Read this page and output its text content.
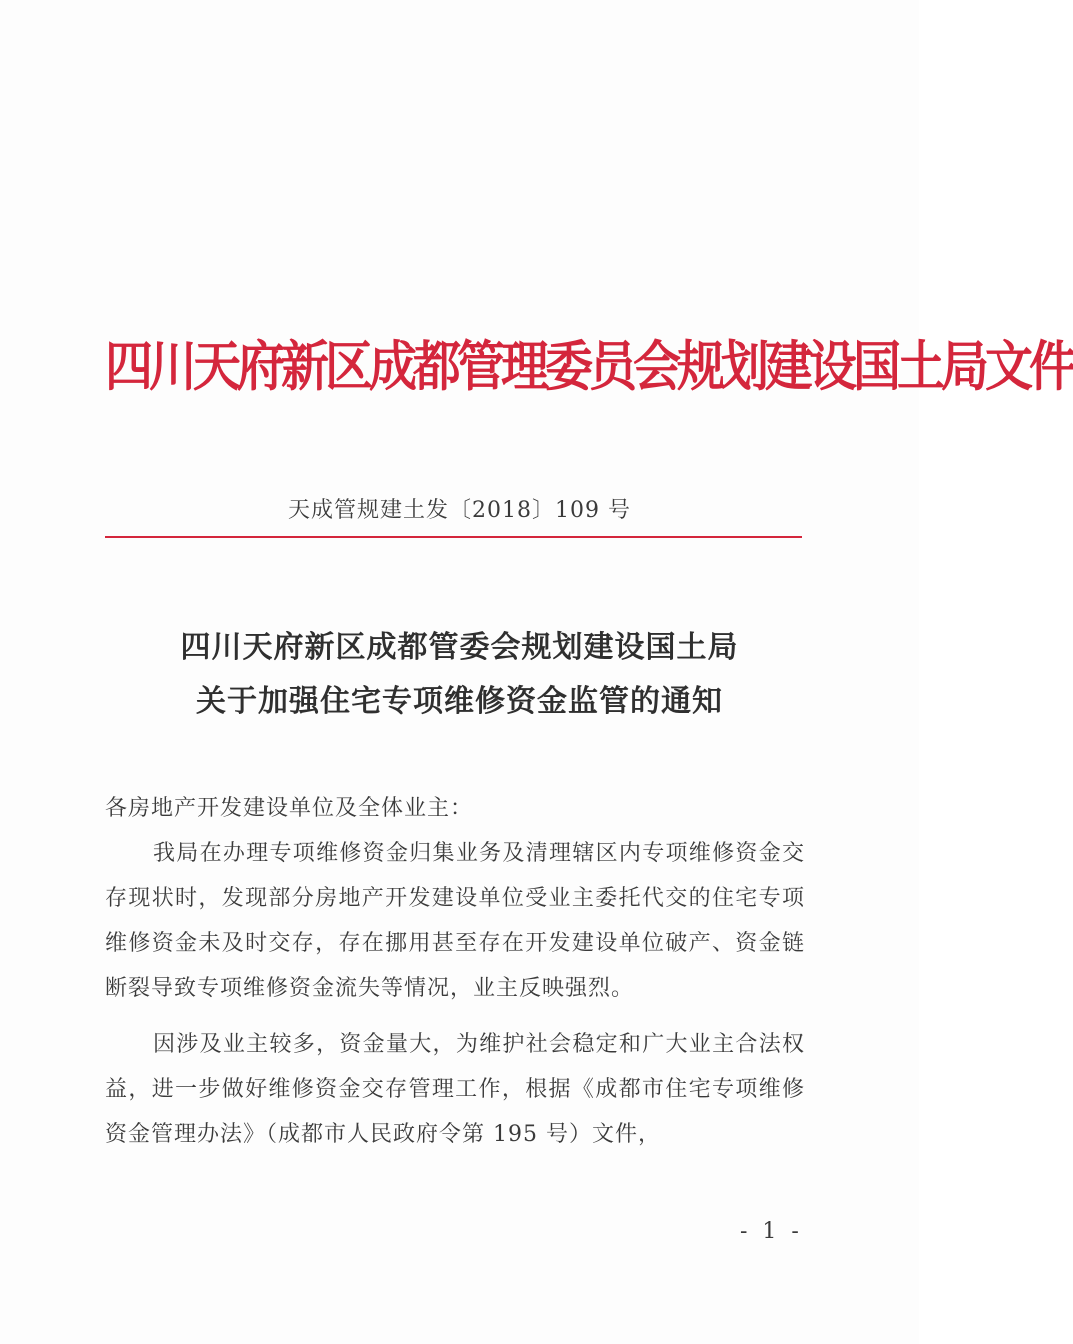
四川天府新区成都管理委员会规划建设国土局文件
天成管规建土发〔2018〕109 号
四川天府新区成都管委会规划建设国土局
关于加强住宅专项维修资金监管的通知

各房地产开发建设单位及全体业主：

我局在办理专项维修资金归集业务及清理辖区内专项维修资金交存现状时，发现部分房地产开发建设单位受业主委托代交的住宅专项维修资金未及时交存，存在挪用甚至存在开发建设单位破产、资金链断裂导致专项维修资金流失等情况，业主反映强烈。

因涉及业主较多，资金量大，为维护社会稳定和广大业主合法权益，进一步做好维修资金交存管理工作，根据《成都市住宅专项维修资金管理办法》（成都市人民政府令第 195 号）文件，

- 1 -
